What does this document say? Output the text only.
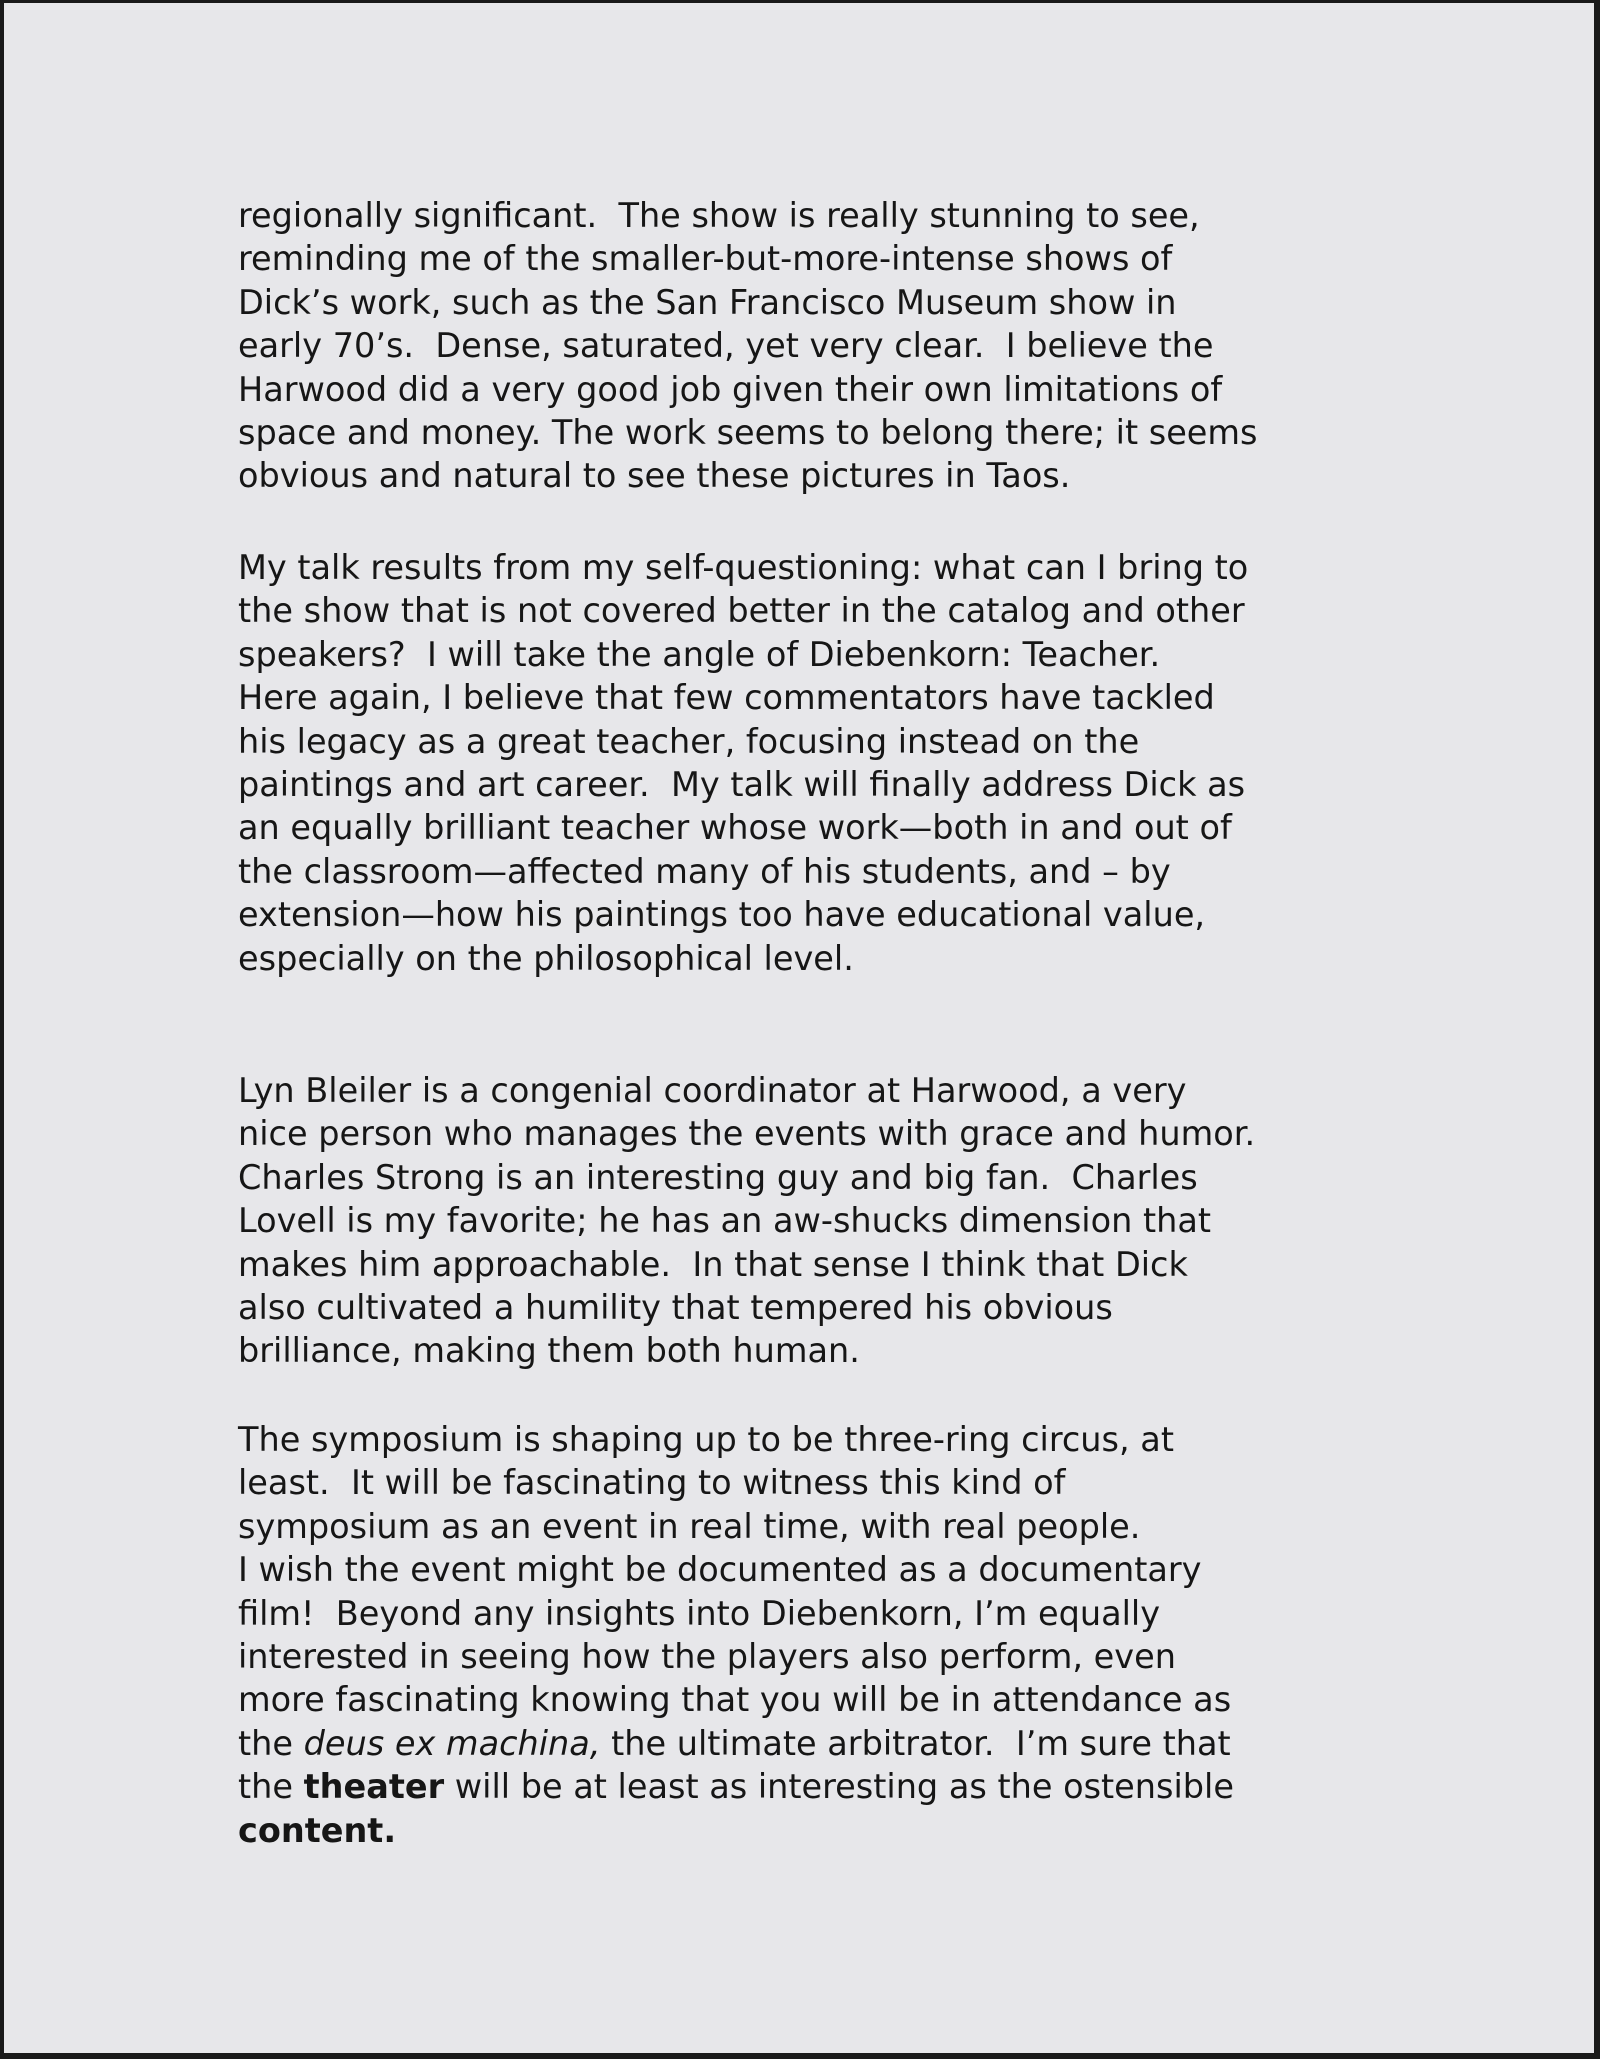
regionally significant.  The show is really stunning to see,
reminding me of the smaller-but-more-intense shows of
Dick’s work, such as the San Francisco Museum show in
early 70’s.  Dense, saturated, yet very clear.  I believe the
Harwood did a very good job given their own limitations of
space and money. The work seems to belong there; it seems
obvious and natural to see these pictures in Taos.

My talk results from my self-questioning: what can I bring to
the show that is not covered better in the catalog and other
speakers?  I will take the angle of Diebenkorn: Teacher.
Here again, I believe that few commentators have tackled
his legacy as a great teacher, focusing instead on the
paintings and art career.  My talk will finally address Dick as
an equally brilliant teacher whose work—both in and out of
the classroom—affected many of his students, and – by
extension—how his paintings too have educational value,
especially on the philosophical level.

Lyn Bleiler is a congenial coordinator at Harwood, a very
nice person who manages the events with grace and humor.
Charles Strong is an interesting guy and big fan.  Charles
Lovell is my favorite; he has an aw-shucks dimension that
makes him approachable.  In that sense I think that Dick
also cultivated a humility that tempered his obvious
brilliance, making them both human.

The symposium is shaping up to be three-ring circus, at
least.  It will be fascinating to witness this kind of
symposium as an event in real time, with real people.
I wish the event might be documented as a documentary
film!  Beyond any insights into Diebenkorn, I’m equally
interested in seeing how the players also perform, even
more fascinating knowing that you will be in attendance as
the deus ex machina, the ultimate arbitrator.  I’m sure that
the theater will be at least as interesting as the ostensible
content.
